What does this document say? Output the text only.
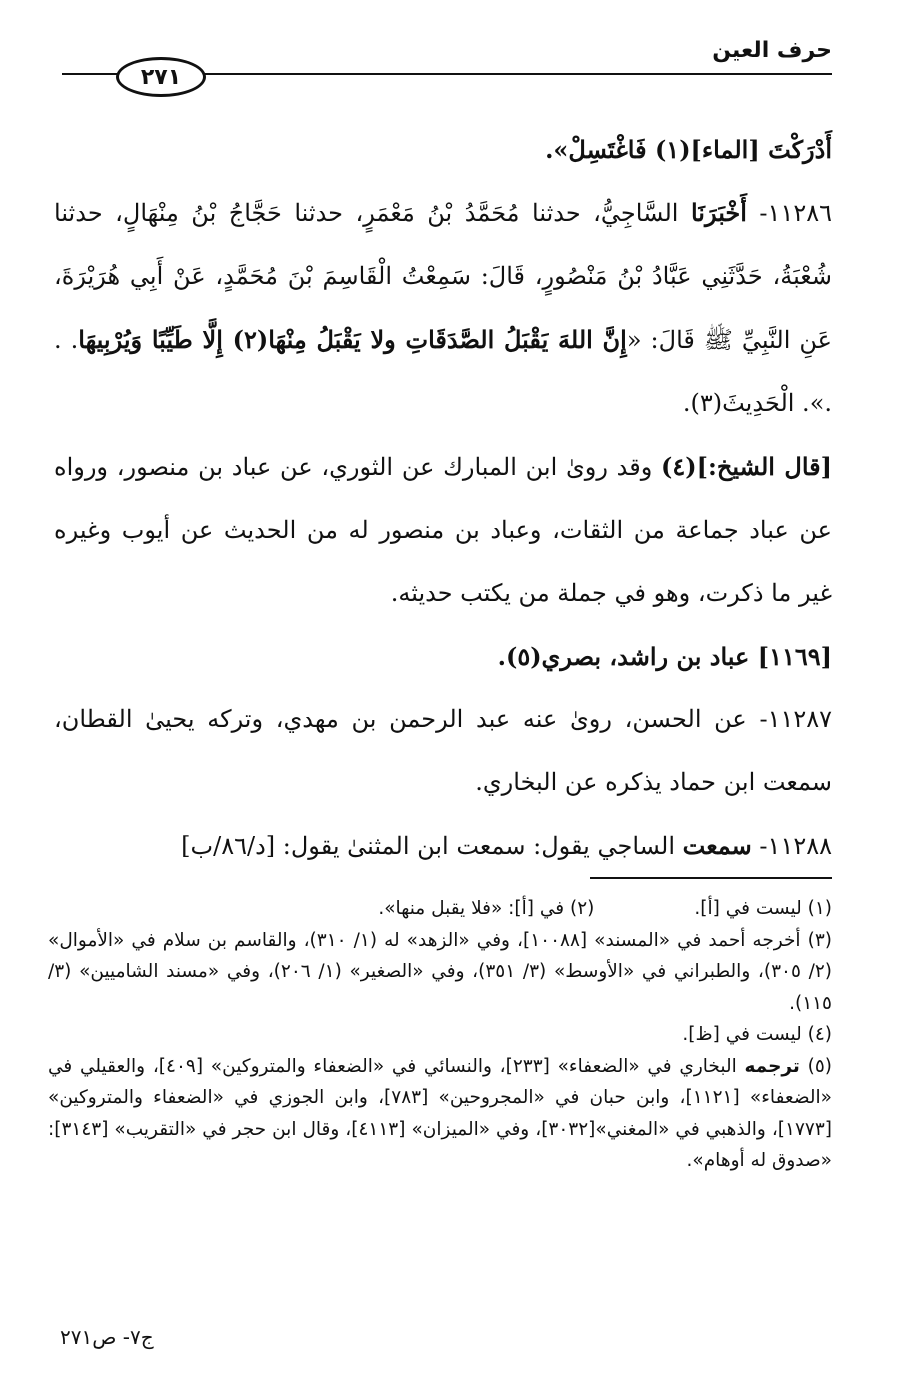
حرف العين
٢٧١

أَدْرَكْتَ [الماء](١) فَاغْتَسِلْ».

١١٢٨٦- أَخْبَرَنَا السَّاجِيُّ، حدثنا مُحَمَّدُ بْنُ مَعْمَرٍ، حدثنا حَجَّاجُ بْنُ مِنْهَالٍ، حدثنا شُعْبَةُ، حَدَّثَنِي عَبَّادُ بْنُ مَنْصُورٍ، قَالَ: سَمِعْتُ الْقَاسِمَ بْنَ مُحَمَّدٍ، عَنْ أَبِي هُرَيْرَةَ، عَنِ النَّبِيِّ ﷺ قَالَ: «إِنَّ اللهَ يَقْبَلُ الصَّدَقَاتِ ولا يَقْبَلُ مِنْهَا(٢) إِلَّا طَيِّبًا وَيُرْبِيهَا. . .». الْحَدِيثَ(٣).

[قال الشيخ:](٤) وقد روىٰ ابن المبارك عن الثوري، عن عباد بن منصور، ورواه عن عباد جماعة من الثقات، وعباد بن منصور له من الحديث عن أيوب وغيره غير ما ذكرت، وهو في جملة من يكتب حديثه.

[١١٦٩] عباد بن راشد، بصري(٥).

١١٢٨٧- عن الحسن، روىٰ عنه عبد الرحمن بن مهدي، وتركه يحيىٰ القطان، سمعت ابن حماد يذكره عن البخاري.

١١٢٨٨- سمعت الساجي يقول: سمعت ابن المثنىٰ يقول: [د/٨٦/ب]

(١) ليست في [أ].
(٢) في [أ]: «فلا يقبل منها».

(٣) أخرجه أحمد في «المسند» [١٠٠٨٨]، وفي «الزهد» له (١/ ٣١٠)، والقاسم بن سلام في «الأموال» (٢/ ٣٠٥)، والطبراني في «الأوسط» (٣/ ٣٥١)، وفي «الصغير» (١/ ٢٠٦)، وفي «مسند الشاميين» (٣/ ١١٥).

(٤) ليست في [ظ].

(٥) ترجمه البخاري في «الضعفاء» [٢٣٣]، والنسائي في «الضعفاء والمتروكين» [٤٠٩]، والعقيلي في «الضعفاء» [١١٢١]، وابن حبان في «المجروحين» [٧٨٣]، وابن الجوزي في «الضعفاء والمتروكين» [١٧٧٣]، والذهبي في «المغني»[٣٠٣٢]، وفي «الميزان» [٤١١٣]، وقال ابن حجر في «التقريب» [٣١٤٣]: «صدوق له أوهام».

ج٧- ص٢٧١
